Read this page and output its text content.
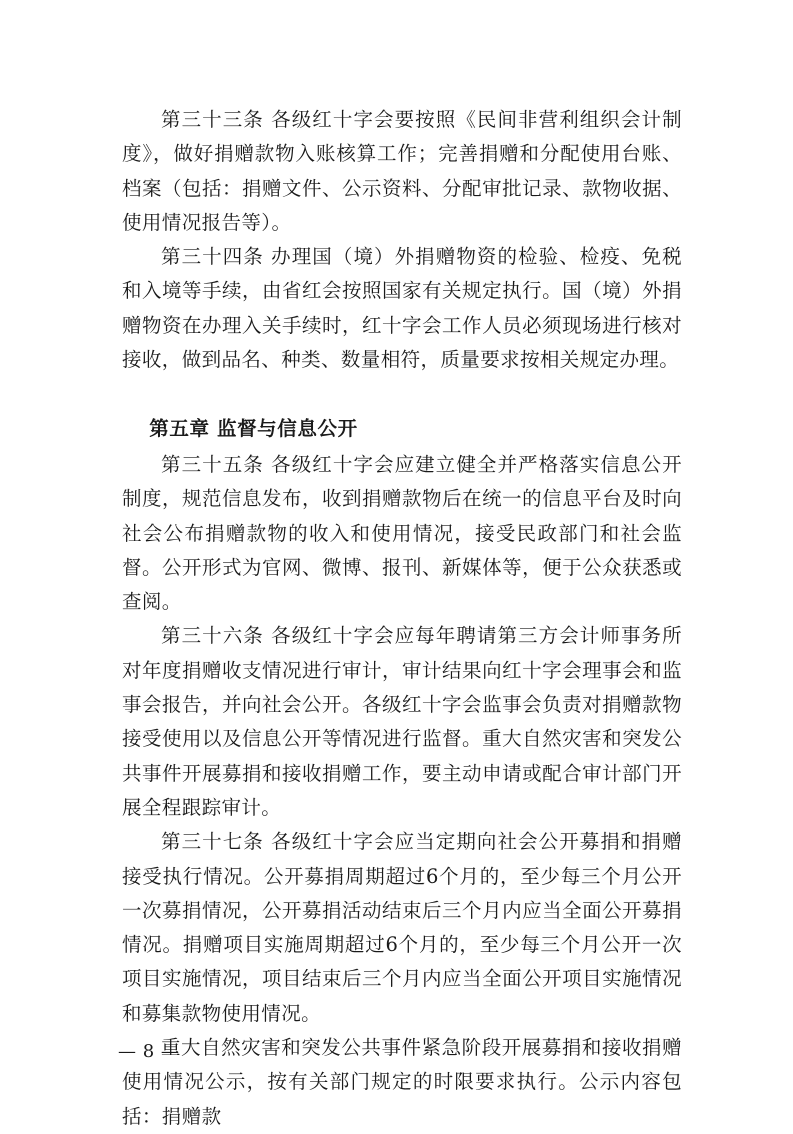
第三十三条 各级红十字会要按照《民间非营利组织会计制度》，做好捐赠款物入账核算工作；完善捐赠和分配使用台账、档案（包括：捐赠文件、公示资料、分配审批记录、款物收据、使用情况报告等）。

第三十四条 办理国（境）外捐赠物资的检验、检疫、免税和入境等手续，由省红会按照国家有关规定执行。国（境）外捐赠物资在办理入关手续时，红十字会工作人员必须现场进行核对接收，做到品名、种类、数量相符，质量要求按相关规定办理。

第五章 监督与信息公开

第三十五条 各级红十字会应建立健全并严格落实信息公开制度，规范信息发布，收到捐赠款物后在统一的信息平台及时向社会公布捐赠款物的收入和使用情况，接受民政部门和社会监督。公开形式为官网、微博、报刊、新媒体等，便于公众获悉或查阅。

第三十六条 各级红十字会应每年聘请第三方会计师事务所对年度捐赠收支情况进行审计，审计结果向红十字会理事会和监事会报告，并向社会公开。各级红十字会监事会负责对捐赠款物接受使用以及信息公开等情况进行监督。重大自然灾害和突发公共事件开展募捐和接收捐赠工作，要主动申请或配合审计部门开展全程跟踪审计。

第三十七条 各级红十字会应当定期向社会公开募捐和捐赠接受执行情况。公开募捐周期超过6个月的，至少每三个月公开一次募捐情况，公开募捐活动结束后三个月内应当全面公开募捐情况。捐赠项目实施周期超过6个月的，至少每三个月公开一次项目实施情况，项目结束后三个月内应当全面公开项目实施情况和募集款物使用情况。

重大自然灾害和突发公共事件紧急阶段开展募捐和接收捐赠使用情况公示，按有关部门规定的时限要求执行。公示内容包括：捐赠款

— 8 —
